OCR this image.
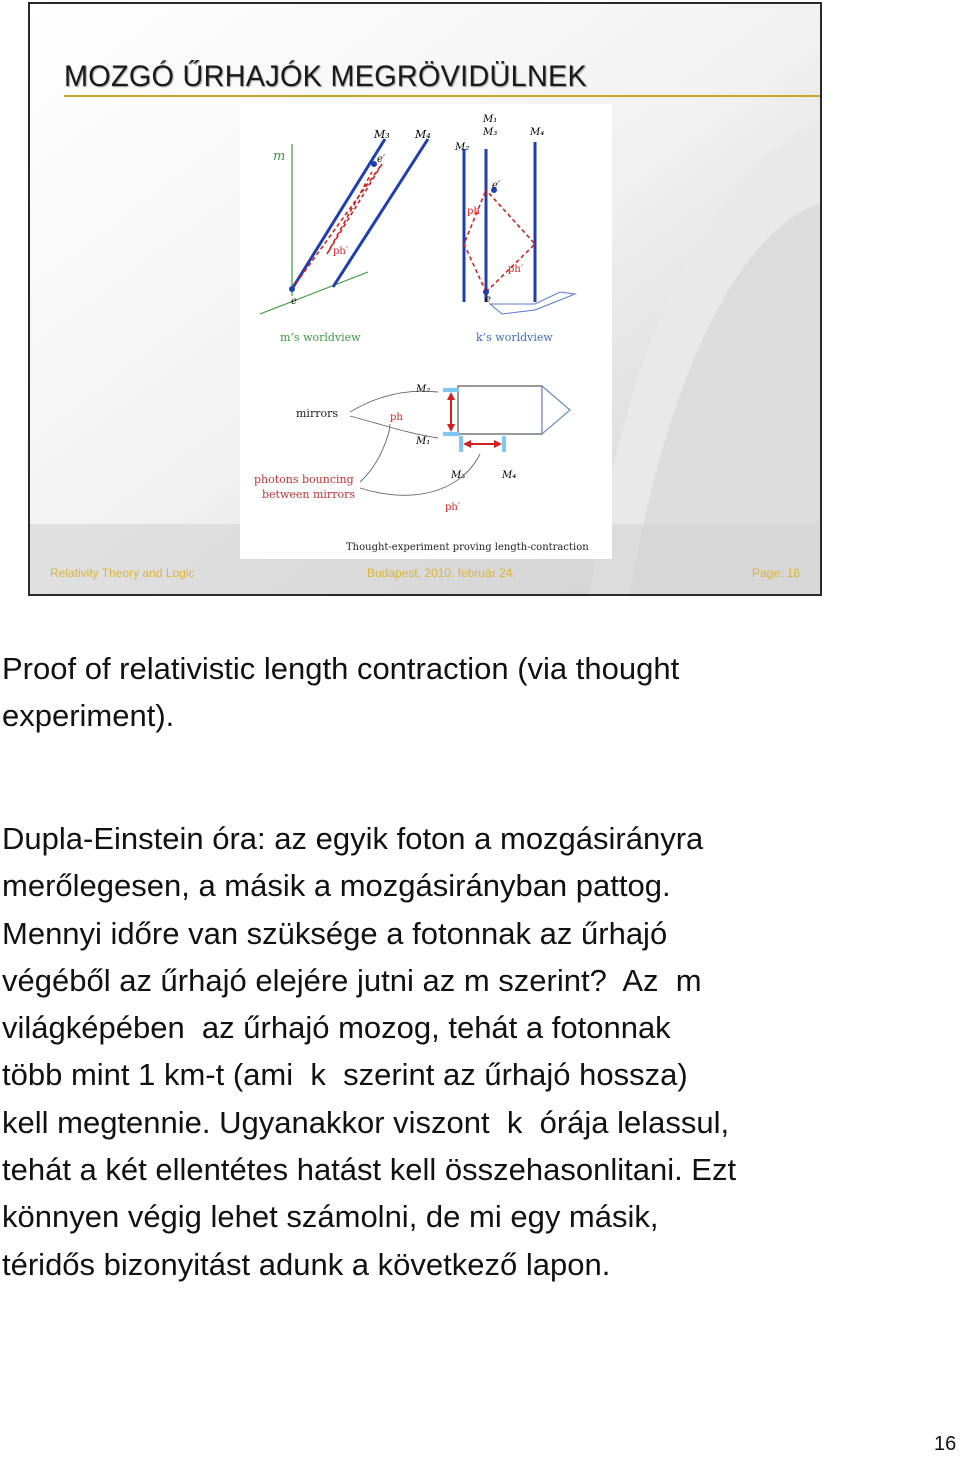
MOZGÓ ŰRHAJÓK MEGRÖVIDÜLNEK
m
M₃ M₄
e′
ph′
e
m’s worldview
M₁
M₂
M₃	M₄
e′
ph
ph′
e
k’s worldview
M₂
M₁
M₃	M₄
ph
mirrors
photons bouncing
between mirrors
ph′
Thought-experiment proving length-contraction
Relativity Theory and Logic	Budapest, 2010. február 24.	Page: 16
Proof of relativistic length contraction (via thought
experiment).
Dupla-Einstein óra: az egyik foton a mozgásirányra
merőlegesen, a másik a mozgásirányban pattog.
Mennyi időre van szüksége a fotonnak az űrhajó
végéből az űrhajó elejére jutni az m szerint?  Az  m
világképében  az űrhajó mozog, tehát a fotonnak
több mint 1 km-t (ami  k  szerint az űrhajó hossza)
kell megtennie. Ugyanakkor viszont  k  órája lelassul,
tehát a két ellentétes hatást kell összehasonlitani. Ezt
könnyen végig lehet számolni, de mi egy másik,
téridős bizonyitást adunk a következő lapon.
16
